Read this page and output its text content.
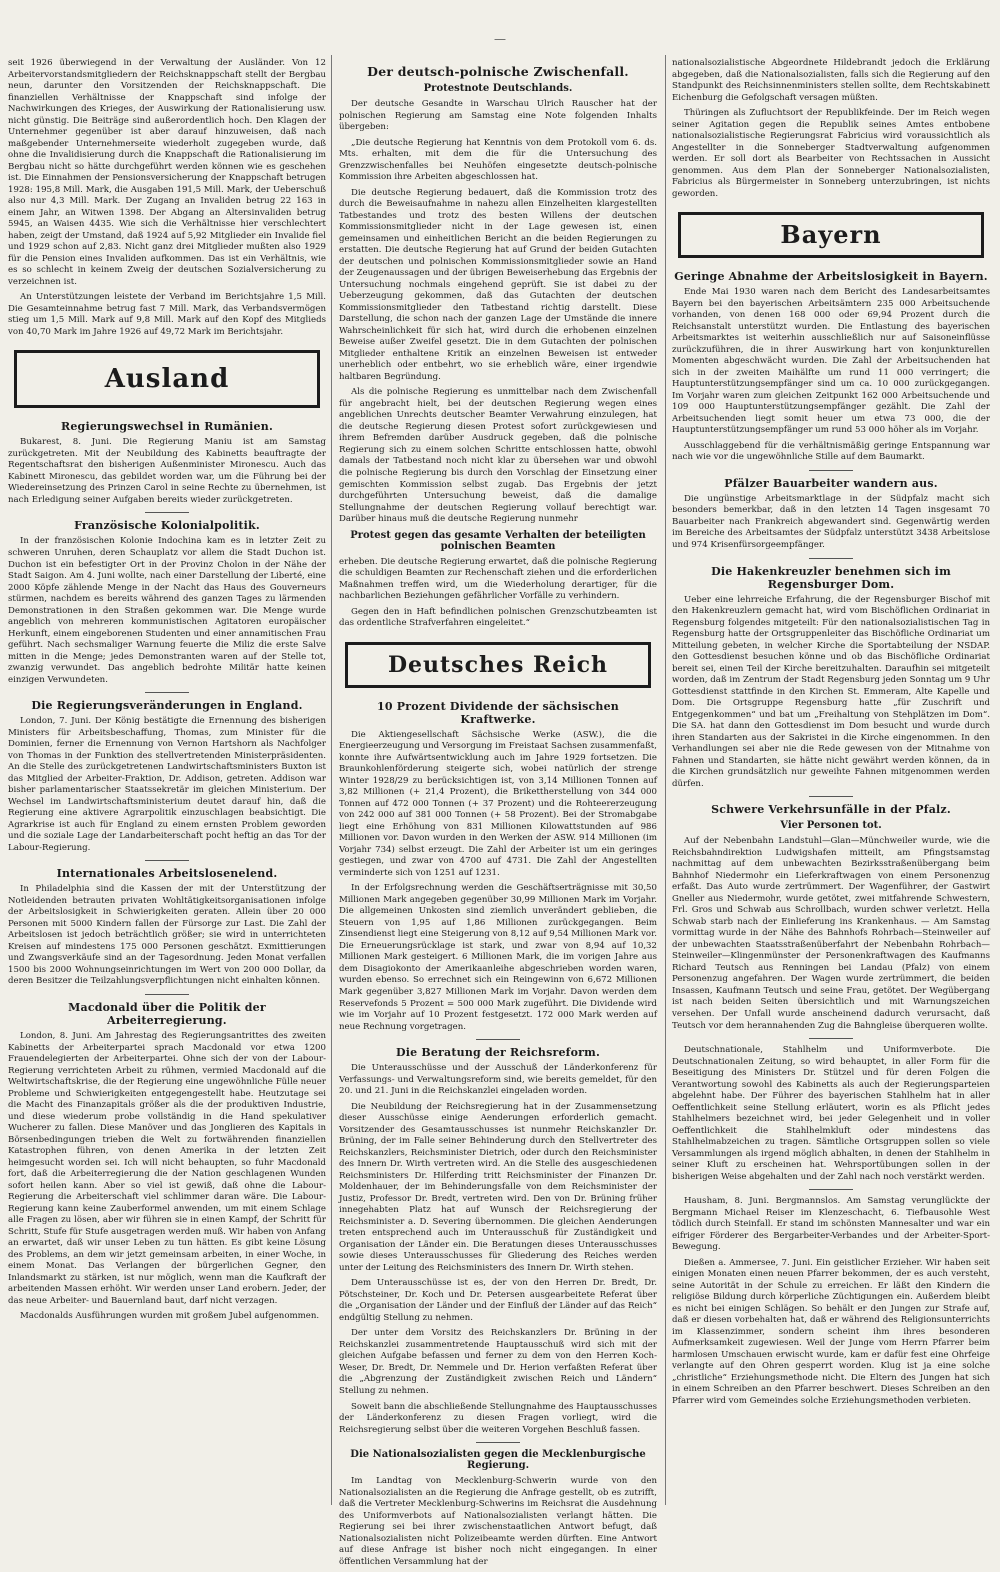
—

seit 1926 überwiegend in der Verwaltung der Ausländer. Von 12 Arbeitervorstandsmitgliedern der Reichsknappschaft stellt der Bergbau neun, darunter den Vorsitzenden der Reichsknappschaft. Die finanziellen Verhältnisse der Knappschaft sind infolge der Nachwirkungen des Krieges, der Auswirkung der Rationalisierung usw. nicht günstig. Die Beiträge sind außerordentlich hoch. Den Klagen der Unternehmer gegenüber ist aber darauf hinzuweisen, daß nach maßgebender Unternehmerseite wiederholt zugegeben wurde, daß ohne die Invalidisierung durch die Knappschaft die Rationalisierung im Bergbau nicht so hätte durchgeführt werden können wie es geschehen ist. Die Einnahmen der Pensionsversicherung der Knappschaft betrugen 1928: 195,8 Mill. Mark, die Ausgaben 191,5 Mill. Mark, der Ueberschuß also nur 4,3 Mill. Mark. Der Zugang an Invaliden betrug 22 163 in einem Jahr, an Witwen 1398. Der Abgang an Altersinvaliden betrug 5945, an Waisen 4435. Wie sich die Verhältnisse hier verschlechtert haben, zeigt der Umstand, daß 1924 auf 5,92 Mitglieder ein Invalide fiel und 1929 schon auf 2,83. Nicht ganz drei Mitglieder mußten also 1929 für die Pension eines Invaliden aufkommen. Das ist ein Verhältnis, wie es so schlecht in keinem Zweig der deutschen Sozialversicherung zu verzeichnen ist.

An Unterstützungen leistete der Verband im Berichtsjahre 1,5 Mill. Die Gesamteinnahme betrug fast 7 Mill. Mark, das Verbandsvermögen stieg um 1,5 Mill. Mark auf 9,8 Mill. Mark auf den Kopf des Mitglieds von 40,70 Mark im Jahre 1926 auf 49,72 Mark im Berichtsjahr.

Ausland
Regierungswechsel in Rumänien.

Bukarest, 8. Juni. Die Regierung Maniu ist am Samstag zurückgetreten. Mit der Neubildung des Kabinetts beauftragte der Regentschaftsrat den bisherigen Außenminister Mironescu. Auch das Kabinett Mironescu, das gebildet worden war, um die Führung bei der Wiedereinsetzung des Prinzen Carol in seine Rechte zu übernehmen, ist nach Erledigung seiner Aufgaben bereits wieder zurückgetreten.

Französische Kolonialpolitik.

In der französischen Kolonie Indochina kam es in letzter Zeit zu schweren Unruhen, deren Schauplatz vor allem die Stadt Duchon ist. Duchon ist ein befestigter Ort in der Provinz Cholon in der Nähe der Stadt Saigon. Am 4. Juni wollte, nach einer Darstellung der Liberté, eine 2000 Köpfe zählende Menge in der Nacht das Haus des Gouverneurs stürmen, nachdem es bereits während des ganzen Tages zu lärmenden Demonstrationen in den Straßen gekommen war. Die Menge wurde angeblich von mehreren kommunistischen Agitatoren europäischer Herkunft, einem eingeborenen Studenten und einer annamitischen Frau geführt. Nach sechsmaliger Warnung feuerte die Miliz die erste Salve mitten in die Menge; jedes Demonstranten waren auf der Stelle tot, zwanzig verwundet. Das angeblich bedrohte Militär hatte keinen einzigen Verwundeten.

Die Regierungsveränderungen in England.

London, 7. Juni. Der König bestätigte die Ernennung des bisherigen Ministers für Arbeitsbeschaffung, Thomas, zum Minister für die Dominien, ferner die Ernennung von Vernon Hartshorn als Nachfolger von Thomas in der Funktion des stellvertretenden Ministerpräsidenten. An die Stelle des zurückgetretenen Landwirtschaftsministers Buxton ist das Mitglied der Arbeiter-Fraktion, Dr. Addison, getreten. Addison war bisher parlamentarischer Staatssekretär im gleichen Ministerium. Der Wechsel im Landwirtschaftsministerium deutet darauf hin, daß die Regierung eine aktivere Agrarpolitik einzuschlagen beabsichtigt. Die Agrarkrise ist auch für England zu einem ernsten Problem geworden und die soziale Lage der Landarbeiterschaft pocht heftig an das Tor der Labour-Regierung.

Internationales Arbeitslosenelend.

In Philadelphia sind die Kassen der mit der Unterstützung der Notleidenden betrauten privaten Wohltätigkeitsorganisationen infolge der Arbeitslosigkeit in Schwierigkeiten geraten. Allein über 20 000 Personen mit 5000 Kindern fallen der Fürsorge zur Last. Die Zahl der Arbeitslosen ist jedoch beträchtlich größer; sie wird in unterrichteten Kreisen auf mindestens 175 000 Personen geschätzt. Exmittierungen und Zwangsverkäufe sind an der Tagesordnung. Jeden Monat verfallen 1500 bis 2000 Wohnungseinrichtungen im Wert von 200 000 Dollar, da deren Besitzer die Teilzahlungsverpflichtungen nicht einhalten können.

Macdonald über die Politik der Arbeiterregierung.

London, 8. Juni. Am Jahrestag des Regierungsantrittes des zweiten Kabinetts der Arbeiterpartei sprach Macdonald vor etwa 1200 Frauendelegierten der Arbeiterpartei. Ohne sich der von der Labour-Regierung verrichteten Arbeit zu rühmen, vermied Macdonald auf die Weltwirtschaftskrise, die der Regierung eine ungewöhnliche Fülle neuer Probleme und Schwierigkeiten entgegengestellt habe. Heutzutage sei die Macht des Finanzapitals größer als die der produktiven Industrie, und diese wiederum probe vollständig in die Hand spekulativer Wucherer zu fallen. Diese Manöver und das Jonglieren des Kapitals in Börsenbedingungen trieben die Welt zu fortwährenden finanziellen Katastrophen führen, von denen Amerika in der letzten Zeit heimgesucht worden sei. Ich will nicht behaupten, so fuhr Macdonald fort, daß die Arbeiterregierung die der Nation geschlagenen Wunden sofort heilen kann. Aber so viel ist gewiß, daß ohne die Labour-Regierung die Arbeiterschaft viel schlimmer daran wäre. Die Labour-Regierung kann keine Zauberformel anwenden, um mit einem Schlage alle Fragen zu lösen, aber wir führen sie in einen Kampf, der Schritt für Schritt, Stufe für Stufe ausgetragen werden muß. Wir haben von Anfang an erwartet, daß wir unser Leben zu tun hätten. Es gibt keine Lösung des Problems, an dem wir jetzt gemeinsam arbeiten, in einer Woche, in einem Monat. Das Verlangen der bürgerlichen Gegner, den Inlandsmarkt zu stärken, ist nur möglich, wenn man die Kaufkraft der arbeitenden Massen erhöht. Wir werden unser Land erobern. Jeder, der das neue Arbeiter- und Bauernland baut, darf nicht verzagen.

Macdonalds Ausführungen wurden mit großem Jubel aufgenommen.

Der deutsch-polnische Zwischenfall.
Protestnote Deutschlands.

Der deutsche Gesandte in Warschau Ulrich Rauscher hat der polnischen Regierung am Samstag eine Note folgenden Inhalts übergeben:

„Die deutsche Regierung hat Kenntnis von dem Protokoll vom 6. ds. Mts. erhalten, mit dem die für die Untersuchung des Grenzzwischenfalles bei Neuhöfen eingesetzte deutsch-polnische Kommission ihre Arbeiten abgeschlossen hat.

Die deutsche Regierung bedauert, daß die Kommission trotz des durch die Beweisaufnahme in nahezu allen Einzelheiten klargestellten Tatbestandes und trotz des besten Willens der deutschen Kommissionsmitglieder nicht in der Lage gewesen ist, einen gemeinsamen und einheitlichen Bericht an die beiden Regierungen zu erstatten. Die deutsche Regierung hat auf Grund der beiden Gutachten der deutschen und polnischen Kommissionsmitglieder sowie an Hand der Zeugenaussagen und der übrigen Beweiserhebung das Ergebnis der Untersuchung nochmals eingehend geprüft. Sie ist dabei zu der Ueberzeugung gekommen, daß das Gutachten der deutschen Kommissionsmitglieder den Tatbestand richtig darstellt. Diese Darstellung, die schon nach der ganzen Lage der Umstände die innere Wahrscheinlichkeit für sich hat, wird durch die erhobenen einzelnen Beweise außer Zweifel gesetzt. Die in dem Gutachten der polnischen Mitglieder enthaltene Kritik an einzelnen Beweisen ist entweder unerheblich oder entbehrt, wo sie erheblich wäre, einer irgendwie haltbaren Begründung.

Als die polnische Regierung es unmittelbar nach dem Zwischenfall für angebracht hielt, bei der deutschen Regierung wegen eines angeblichen Unrechts deutscher Beamter Verwahrung einzulegen, hat die deutsche Regierung diesen Protest sofort zurückgewiesen und ihrem Befremden darüber Ausdruck gegeben, daß die polnische Regierung sich zu einem solchen Schritte entschlossen hatte, obwohl damals der Tatbestand noch nicht klar zu übersehen war und obwohl die polnische Regierung bis durch den Vorschlag der Einsetzung einer gemischten Kommission selbst zugab. Das Ergebnis der jetzt durchgeführten Untersuchung beweist, daß die damalige Stellungnahme der deutschen Regierung vollauf berechtigt war. Darüber hinaus muß die deutsche Regierung nunmehr

Protest gegen das gesamte Verhalten der beteiligten polnischen Beamten

erheben. Die deutsche Regierung erwartet, daß die polnische Regierung die schuldigen Beamten zur Rechenschaft ziehen und die erforderlichen Maßnahmen treffen wird, um die Wiederholung derartiger, für die nachbarlichen Beziehungen gefährlicher Vorfälle zu verhindern.

Gegen den in Haft befindlichen polnischen Grenzschutzbeamten ist das ordentliche Strafverfahren eingeleitet.“

Deutsches Reich
10 Prozent Dividende der sächsischen Kraftwerke.

Die Aktiengesellschaft Sächsische Werke (ASW.), die die Energieerzeugung und Versorgung im Freistaat Sachsen zusammenfaßt, konnte ihre Aufwärtsentwicklung auch im Jahre 1929 fortsetzen. Die Braunkohlenförderung steigerte sich, wobei natürlich der strenge Winter 1928/29 zu berücksichtigen ist, von 3,14 Millionen Tonnen auf 3,82 Millionen (+ 21,4 Prozent), die Brikettherstellung von 344 000 Tonnen auf 472 000 Tonnen (+ 37 Prozent) und die Rohteererzeugung von 242 000 auf 381 000 Tonnen (+ 58 Prozent). Bei der Stromabgabe liegt eine Erhöhung von 831 Millionen Kilowattstunden auf 986 Millionen vor. Davon wurden in den Werken der ASW. 914 Millionen (im Vorjahr 734) selbst erzeugt. Die Zahl der Arbeiter ist um ein geringes gestiegen, und zwar von 4700 auf 4731. Die Zahl der Angestellten verminderte sich von 1251 auf 1231.

In der Erfolgsrechnung werden die Geschäftserträgnisse mit 30,50 Millionen Mark angegeben gegenüber 30,99 Millionen Mark im Vorjahr. Die allgemeinen Unkosten sind ziemlich unverändert geblieben, die Steuern von 1,95 auf 1,86 Millionen zurückgegangen. Beim Zinsendienst liegt eine Steigerung von 8,12 auf 9,54 Millionen Mark vor. Die Erneuerungsrücklage ist stark, und zwar von 8,94 auf 10,32 Millionen Mark gesteigert. 6 Millionen Mark, die im vorigen Jahre aus dem Disagiokonto der Amerikaanleihe abgeschrieben worden waren, wurden ebenso. So errechnet sich ein Reingewinn von 6,672 Millionen Mark gegenüber 3,827 Millionen Mark im Vorjahr. Davon werden dem Reservefonds 5 Prozent = 500 000 Mark zugeführt. Die Dividende wird wie im Vorjahr auf 10 Prozent festgesetzt. 172 000 Mark werden auf neue Rechnung vorgetragen.

Die Beratung der Reichsreform.

Die Unterausschüsse und der Ausschuß der Länderkonferenz für Verfassungs- und Verwaltungsreform sind, wie bereits gemeldet, für den 20. und 21. Juni in die Reichskanzlei eingeladen worden.

Die Neubildung der Reichsregierung hat in der Zusammensetzung dieser Ausschüsse einige Aenderungen erforderlich gemacht. Vorsitzender des Gesamtausschusses ist nunmehr Reichskanzler Dr. Brüning, der im Falle seiner Behinderung durch den Stellvertreter des Reichskanzlers, Reichsminister Dietrich, oder durch den Reichsminister des Innern Dr. Wirth vertreten wird. An die Stelle des ausgeschiedenen Reichsministers Dr. Hilferding tritt Reichsminister der Finanzen Dr. Moldenhauer, der im Behinderungsfalle von dem Reichsminister der Justiz, Professor Dr. Bredt, vertreten wird. Den von Dr. Brüning früher innegehabten Platz hat auf Wunsch der Reichsregierung der Reichsminister a. D. Severing übernommen. Die gleichen Aenderungen treten entsprechend auch im Unterausschuß für Zuständigkeit und Organisation der Länder ein. Die Beratungen dieses Unterausschusses sowie dieses Unterausschusses für Gliederung des Reiches werden unter der Leitung des Reichsministers des Innern Dr. Wirth stehen.

Dem Unterausschüsse ist es, der von den Herren Dr. Bredt, Dr. Pötschsteiner, Dr. Koch und Dr. Petersen ausgearbeitete Referat über die „Organisation der Länder und der Einfluß der Länder auf das Reich“ endgültig Stellung zu nehmen.

Der unter dem Vorsitz des Reichskanzlers Dr. Brüning in der Reichskanzlei zusammentretende Hauptausschuß wird sich mit der gleichen Aufgabe befassen und ferner zu dem von den Herren Koch-Weser, Dr. Bredt, Dr. Nemmele und Dr. Herion verfaßten Referat über die „Abgrenzung der Zuständigkeit zwischen Reich und Ländern“ Stellung zu nehmen.

Soweit bann die abschließende Stellungnahme des Hauptausschusses der Länderkonferenz zu diesen Fragen vorliegt, wird die Reichsregierung selbst über die weiteren Vorgehen Beschluß fassen.

Die Nationalsozialisten gegen die Mecklenburgische Regierung.

Im Landtag von Mecklenburg-Schwerin wurde von den Nationalsozialisten an die Regierung die Anfrage gestellt, ob es zutrifft, daß die Vertreter Mecklenburg-Schwerins im Reichsrat die Ausdehnung des Uniformverbots auf Nationalsozialisten verlangt hätten. Die Regierung sei bei ihrer zwischenstaatlichen Antwort befugt, daß Nationalsozialisten nicht Polizeibeamte werden dürften. Eine Antwort auf diese Anfrage ist bisher noch nicht eingegangen. In einer öffentlichen Versammlung hat der

nationalsozialistische Abgeordnete Hildebrandt jedoch die Erklärung abgegeben, daß die Nationalsozialisten, falls sich die Regierung auf den Standpunkt des Reichsinnenministers stellen sollte, dem Rechtskabinett Eichenburg die Gefolgschaft versagen müßten.

Thüringen als Zufluchtsort der Republikfeinde. Der im Reich wegen seiner Agitation gegen die Republik seines Amtes entbobene nationalsozialistische Regierungsrat Fabricius wird voraussichtlich als Angestellter in die Sonneberger Stadtverwaltung aufgenommen werden. Er soll dort als Bearbeiter von Rechtssachen in Aussicht genommen. Aus dem Plan der Sonneberger Nationalsozialisten, Fabricius als Bürgermeister in Sonneberg unterzubringen, ist nichts geworden.

Bayern
Geringe Abnahme der Arbeitslosigkeit in Bayern.

Ende Mai 1930 waren nach dem Bericht des Landesarbeitsamtes Bayern bei den bayerischen Arbeitsämtern 235 000 Arbeitsuchende vorhanden, von denen 168 000 oder 69,94 Prozent durch die Reichsanstalt unterstützt wurden. Die Entlastung des bayerischen Arbeitsmarktes ist weiterhin ausschließlich nur auf Saisoneinflüsse zurückzuführen, die in ihrer Auswirkung hart von konjunkturellen Momenten abgeschwächt wurden. Die Zahl der Arbeitsuchenden hat sich in der zweiten Maihälfte um rund 11 000 verringert; die Hauptunterstützungsempfänger sind um ca. 10 000 zurückgegangen. Im Vorjahr waren zum gleichen Zeitpunkt 162 000 Arbeitsuchende und 109 000 Hauptunterstützungsempfänger gezählt. Die Zahl der Arbeitsuchenden liegt somit heuer um etwa 73 000, die der Hauptunterstützungsempfänger um rund 53 000 höher als im Vorjahr.

Ausschlaggebend für die verhältnismäßig geringe Entspannung war nach wie vor die ungewöhnliche Stille auf dem Baumarkt.

Pfälzer Bauarbeiter wandern aus.

Die ungünstige Arbeitsmarktlage in der Südpfalz macht sich besonders bemerkbar, daß in den letzten 14 Tagen insgesamt 70 Bauarbeiter nach Frankreich abgewandert sind. Gegenwärtig werden im Bereiche des Arbeitsamtes der Südpfalz unterstützt 3438 Arbeitslose und 974 Krisenfürsorgeempfänger.

Die Hakenkreuzler benehmen sich im Regensburger Dom.

Ueber eine lehrreiche Erfahrung, die der Regensburger Bischof mit den Hakenkreuzlern gemacht hat, wird vom Bischöflichen Ordinariat in Regensburg folgendes mitgeteilt: Für den nationalsozialistischen Tag in Regensburg hatte der Ortsgruppenleiter das Bischöfliche Ordinariat um Mitteilung gebeten, in welcher Kirche die Sportabteilung der NSDAP. den Gottesdienst besuchen könne und ob das Bischöfliche Ordinariat bereit sei, einen Teil der Kirche bereitzuhalten. Daraufhin sei mitgeteilt worden, daß im Zentrum der Stadt Regensburg jeden Sonntag um 9 Uhr Gottesdienst stattfinde in den Kirchen St. Emmeram, Alte Kapelle und Dom. Die Ortsgruppe Regensburg hatte „für Zuschrift und Entgegenkommen“ und bat um „Freihaltung von Stehplätzen im Dom“. Die SA. hat dann den Gottesdienst im Dom besucht und wurde durch ihren Standarten aus der Sakristei in die Kirche eingenommen. In den Verhandlungen sei aber nie die Rede gewesen von der Mitnahme von Fahnen und Standarten, sie hätte nicht gewährt werden können, da in die Kirchen grundsätzlich nur geweihte Fahnen mitgenommen werden dürfen.

Schwere Verkehrsunfälle in der Pfalz.
Vier Personen tot.

Auf der Nebenbahn Landstuhl—Glan—Münchweiler wurde, wie die Reichsbahndirektion Ludwigshafen mitteilt, am Pfingstsamstag nachmittag auf dem unbewachten Bezirksstraßenübergang beim Bahnhof Niedermohr ein Lieferkraftwagen von einem Personenzug erfaßt. Das Auto wurde zertrümmert. Der Wagenführer, der Gastwirt Gneller aus Niedermohr, wurde getötet, zwei mitfahrende Schwestern, Frl. Gros und Schwab aus Schrollbach, wurden schwer verletzt. Hella Schwab starb nach der Einlieferung ins Krankenhaus. — Am Samstag vormittag wurde in der Nähe des Bahnhofs Rohrbach—Steinweiler auf der unbewachten Staatsstraßenüberfahrt der Nebenbahn Rohrbach—Steinweiler—Klingenmünster der Personenkraftwagen des Kaufmanns Richard Teutsch aus Renningen bei Landau (Pfalz) von einem Personenzug angefahren. Der Wagen wurde zertrümmert, die beiden Insassen, Kaufmann Teutsch und seine Frau, getötet. Der Wegübergang ist nach beiden Seiten übersichtlich und mit Warnungszeichen versehen. Der Unfall wurde anscheinend dadurch verursacht, daß Teutsch vor dem herannahenden Zug die Bahngleise überqueren wollte.

Deutschnationale, Stahlhelm und Uniformverbote. Die Deutschnationalen Zeitung, so wird behauptet, in aller Form für die Beseitigung des Ministers Dr. Stützel und für deren Folgen die Verantwortung sowohl des Kabinetts als auch der Regierungsparteien abgelehnt habe. Der Führer des bayerischen Stahlhelm hat in aller Oeffentlichkeit seine Stellung erläutert, worin es als Pflicht jedes Stahlhelmers bezeichnet wird, bei jeder Gelegenheit und in voller Oeffentlichkeit die Stahlhelmkluft oder mindestens das Stahlhelmabzeichen zu tragen. Sämtliche Ortsgruppen sollen so viele Versammlungen als irgend möglich abhalten, in denen der Stahlhelm in seiner Kluft zu erscheinen hat. Wehrsportübungen sollen in der bisherigen Weise abgehalten und der Zahl nach noch verstärkt werden.

Hausham, 8. Juni. Bergmannslos. Am Samstag verunglückte der Bergmann Michael Reiser im Klenzeschacht, 6. Tiefbausohle West tödlich durch Steinfall. Er stand im schönsten Mannesalter und war ein eifriger Förderer des Bergarbeiter-Verbandes und der Arbeiter-Sport-Bewegung.

Dießen a. Ammersee, 7. Juni. Ein geistlicher Erzieher. Wir haben seit einigen Monaten einen neuen Pfarrer bekommen, der es auch versteht, seine Autorität in der Schule zu erreichen. Er läßt den Kindern die religiöse Bildung durch körperliche Züchtigungen ein. Außerdem bleibt es nicht bei einigen Schlägen. So behält er den Jungen zur Strafe auf, daß er diesen vorbehalten hat, daß er während des Religionsunterrichts im Klassenzimmer, sondern scheint ihm ihres besonderen Aufmerksamkeit zugewiesen. Weil der Junge vom Herrn Pfarrer beim harmlosen Umschauen erwischt wurde, kam er dafür fest eine Ohrfeige verlangte auf den Ohren gesperrt worden. Klug ist ja eine solche „christliche“ Erziehungsmethode nicht. Die Eltern des Jungen hat sich in einem Schreiben an den Pfarrer beschwert. Dieses Schreiben an den Pfarrer wird vom Gemeindes solche Erziehungsmethoden verbieten.
